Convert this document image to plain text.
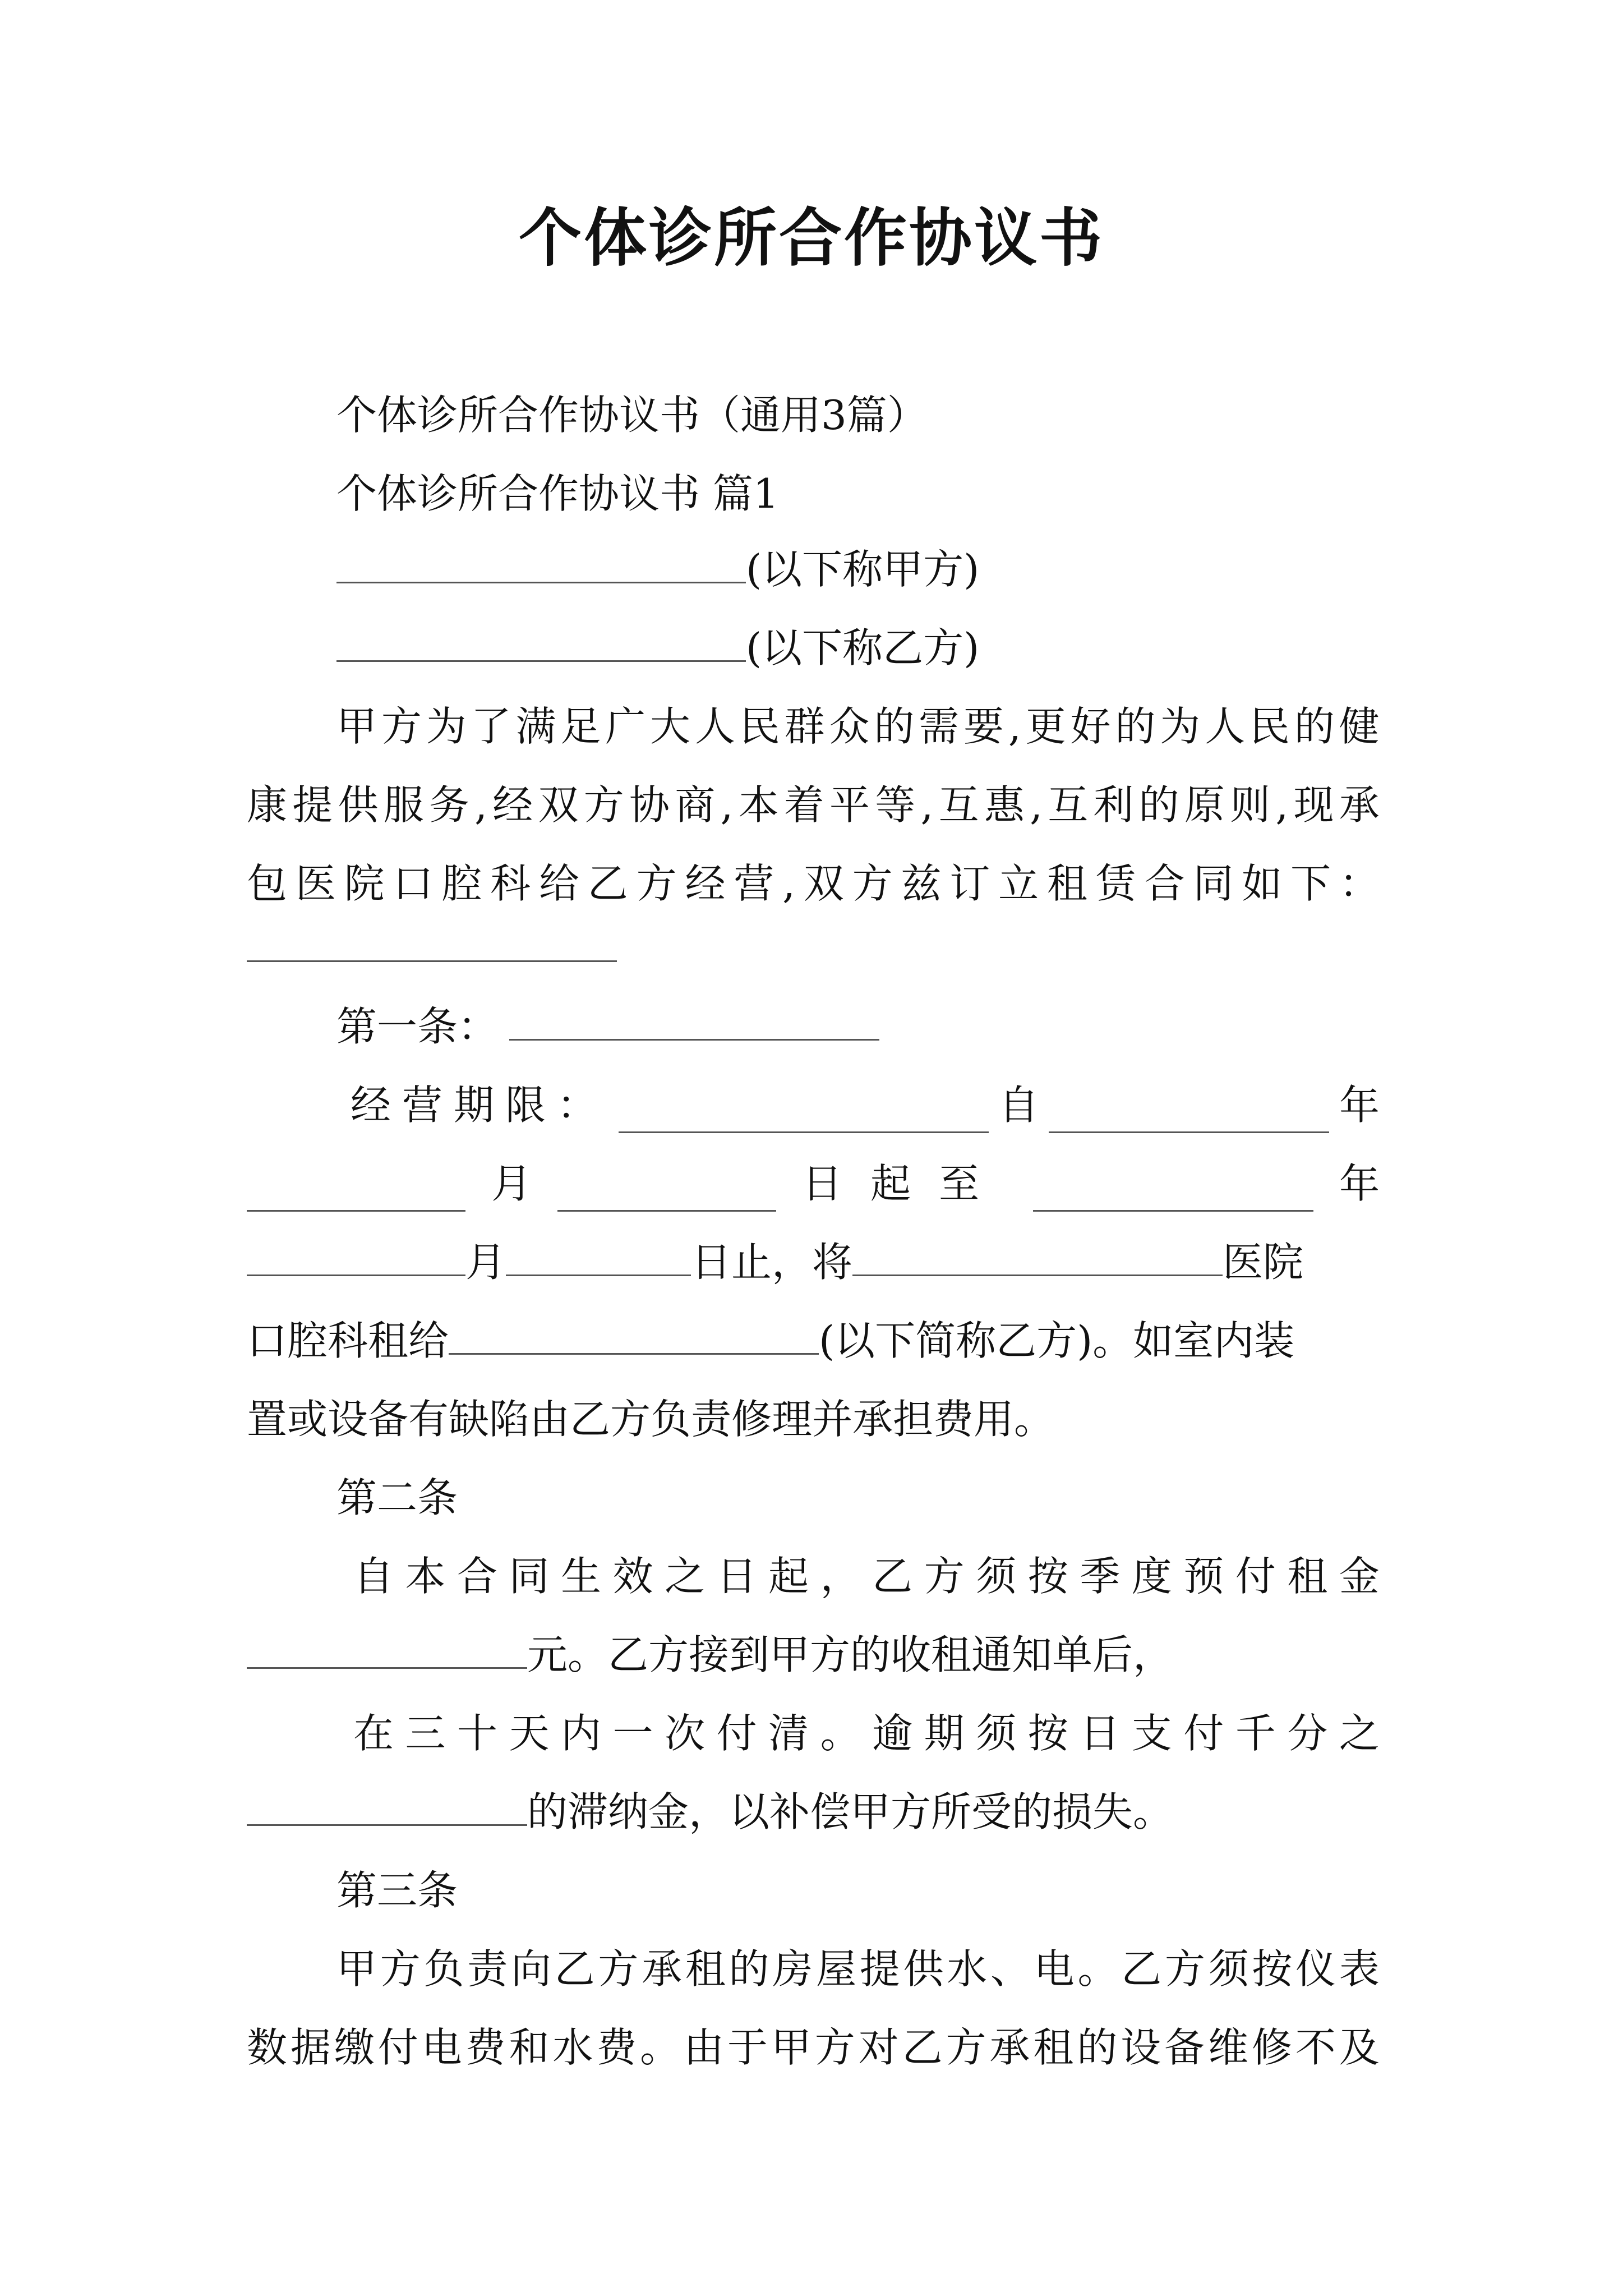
个体诊所合作协议书
个体诊所合作协议书（通用3篇）
个体诊所合作协议书 篇1
(以下称甲方)
(以下称乙方)
甲 方 为 了 满 足 广 大 人 民 群 众 的 需 要 , 更 好 的 为 人 民 的 健
康 提 供 服 务 , 经 双 方 协 商 , 本 着 平 等 , 互 惠 , 互 利 的 原 则 , 现 承
包 医 院 口 腔 科 给 乙 方 经 营 , 双 方 兹 订 立 租 赁 合 同 如 下 ：
第一条：
经营期限：	自	年
月	日起至	年
月	日止，将	医院
口腔科租给	(以下简称乙方)。如室内装
置或设备有缺陷由乙方负责修理并承担费用。
第二条
自 本 合 同 生 效 之 日 起 ， 乙 方 须 按 季 度 预 付 租 金
元。乙方接到甲方的收租通知单后，
在 三 十 天 内 一 次 付 清 。 逾 期 须 按 日 支 付 千 分 之
的滞纳金，以补偿甲方所受的损失。
第三条
甲 方 负 责 向 乙 方 承 租 的 房 屋 提 供 水 、 电 。 乙 方 须 按 仪 表
数 据 缴 付 电 费 和 水 费 。 由 于 甲 方 对 乙 方 承 租 的 设 备 维 修 不 及
